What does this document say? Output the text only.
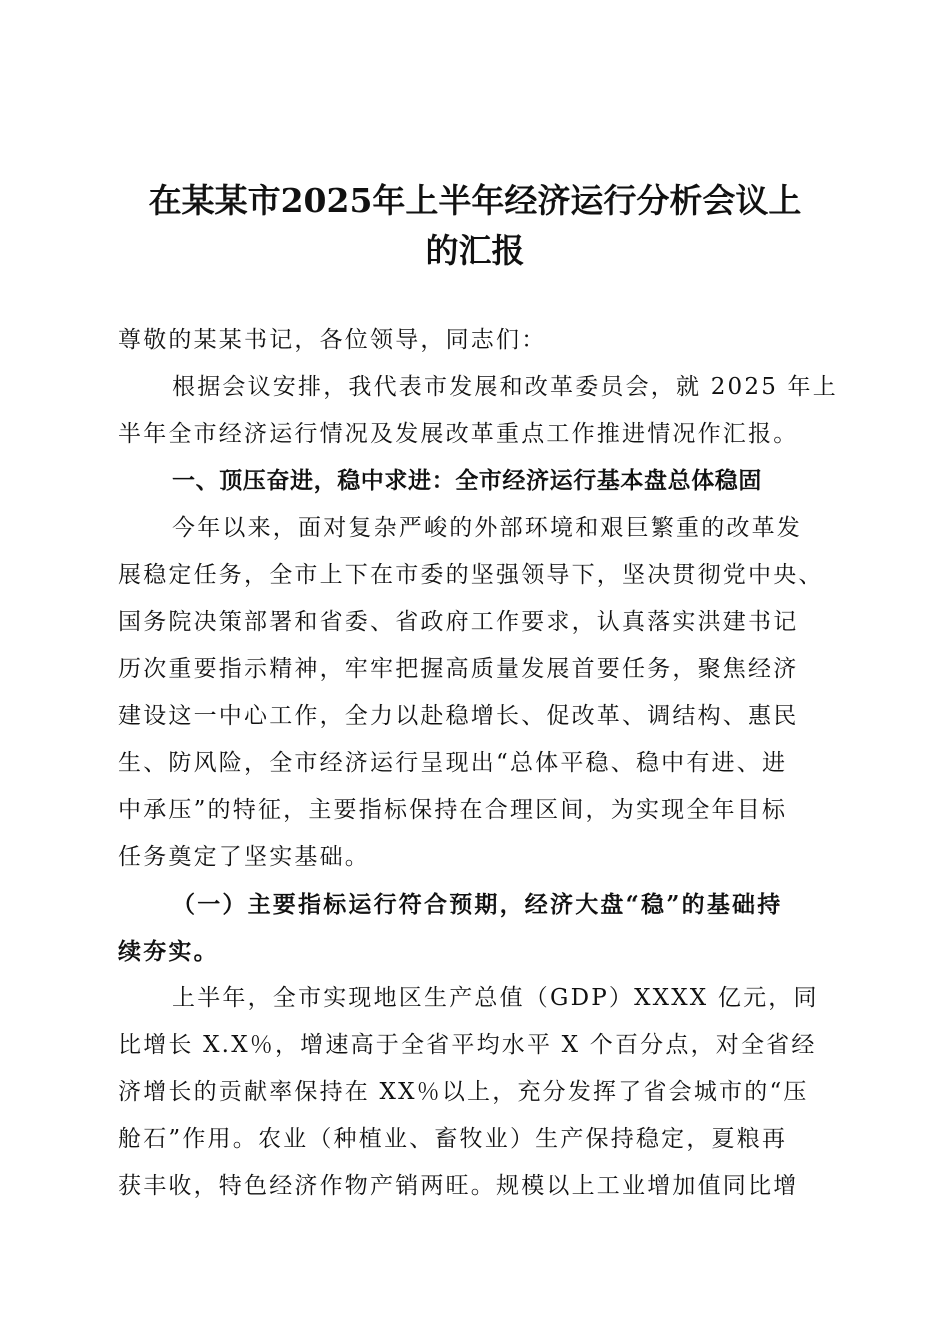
在某某市2025年上半年经济运行分析会议上
的汇报
尊敬的某某书记，各位领导，同志们：
根据会议安排，我代表市发展和改革委员会，就 2025 年上
半年全市经济运行情况及发展改革重点工作推进情况作汇报。
一、顶压奋进，稳中求进：全市经济运行基本盘总体稳固
今年以来，面对复杂严峻的外部环境和艰巨繁重的改革发
展稳定任务，全市上下在市委的坚强领导下，坚决贯彻党中央、
国务院决策部署和省委、省政府工作要求，认真落实洪建书记
历次重要指示精神，牢牢把握高质量发展首要任务，聚焦经济
建设这一中心工作，全力以赴稳增长、促改革、调结构、惠民
生、防风险，全市经济运行呈现出“总体平稳、稳中有进、进
中承压”的特征，主要指标保持在合理区间，为实现全年目标
任务奠定了坚实基础。
（一）主要指标运行符合预期，经济大盘“稳”的基础持
续夯实。
上半年，全市实现地区生产总值（GDP）XXXX 亿元，同
比增长 X.X％，增速高于全省平均水平 X 个百分点，对全省经
济增长的贡献率保持在 XX％以上，充分发挥了省会城市的“压
舱石”作用。农业（种植业、畜牧业）生产保持稳定，夏粮再
获丰收，特色经济作物产销两旺。规模以上工业增加值同比增
